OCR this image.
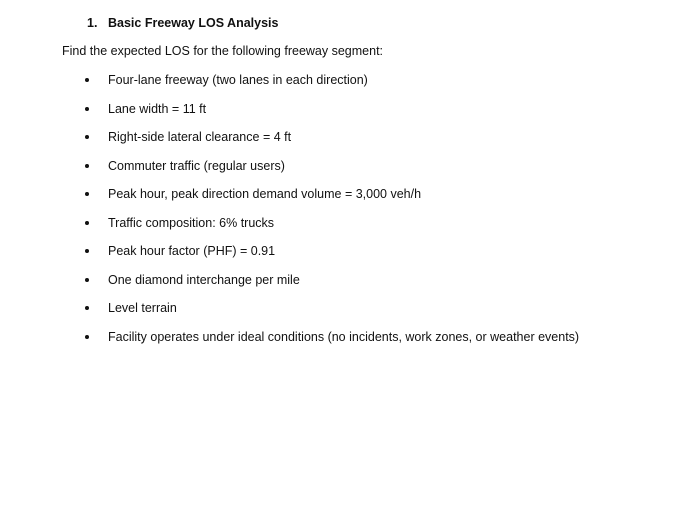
1. Basic Freeway LOS Analysis
Find the expected LOS for the following freeway segment:
Four-lane freeway (two lanes in each direction)
Lane width = 11 ft
Right-side lateral clearance = 4 ft
Commuter traffic (regular users)
Peak hour, peak direction demand volume = 3,000 veh/h
Traffic composition: 6% trucks
Peak hour factor (PHF) = 0.91
One diamond interchange per mile
Level terrain
Facility operates under ideal conditions (no incidents, work zones, or weather events)
